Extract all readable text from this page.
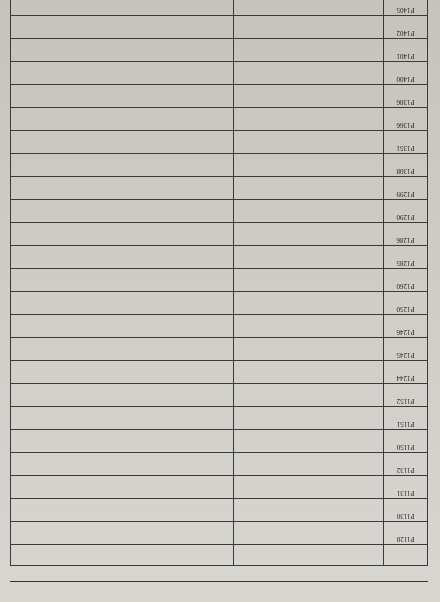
P1128		
P1130		
P1131		
P1132		
P1150		
P1151		
P1152		
P1244		
P1245		
P1246		
P1250		
P1260		
P1285		
P1286		
P1290		
P1299		
P1308		
P1351		
P1366		
P1386		
P1400		
P1401		
P1402		
P1405		
